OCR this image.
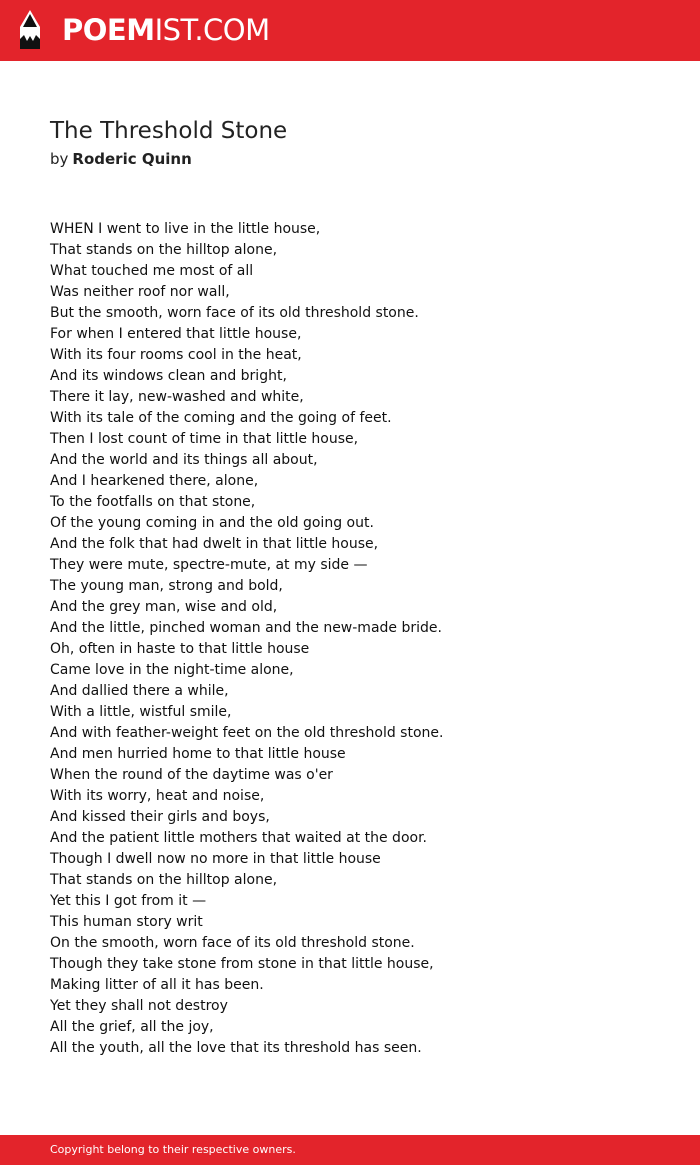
POEMIST.COM
The Threshold Stone
by Roderic Quinn
WHEN I went to live in the little house,
That stands on the hilltop alone,
What touched me most of all
Was neither roof nor wall,
But the smooth, worn face of its old threshold stone.
For when I entered that little house,
With its four rooms cool in the heat,
And its windows clean and bright,
There it lay, new-washed and white,
With its tale of the coming and the going of feet.
Then I lost count of time in that little house,
And the world and its things all about,
And I hearkened there, alone,
To the footfalls on that stone,
Of the young coming in and the old going out.
And the folk that had dwelt in that little house,
They were mute, spectre-mute, at my side —
The young man, strong and bold,
And the grey man, wise and old,
And the little, pinched woman and the new-made bride.
Oh, often in haste to that little house
Came love in the night-time alone,
And dallied there a while,
With a little, wistful smile,
And with feather-weight feet on the old threshold stone.
And men hurried home to that little house
When the round of the daytime was o'er
With its worry, heat and noise,
And kissed their girls and boys,
And the patient little mothers that waited at the door.
Though I dwell now no more in that little house
That stands on the hilltop alone,
Yet this I got from it —
This human story writ
On the smooth, worn face of its old threshold stone.
Though they take stone from stone in that little house,
Making litter of all it has been.
Yet they shall not destroy
All the grief, all the joy,
All the youth, all the love that its threshold has seen.
Copyright belong to their respective owners.
